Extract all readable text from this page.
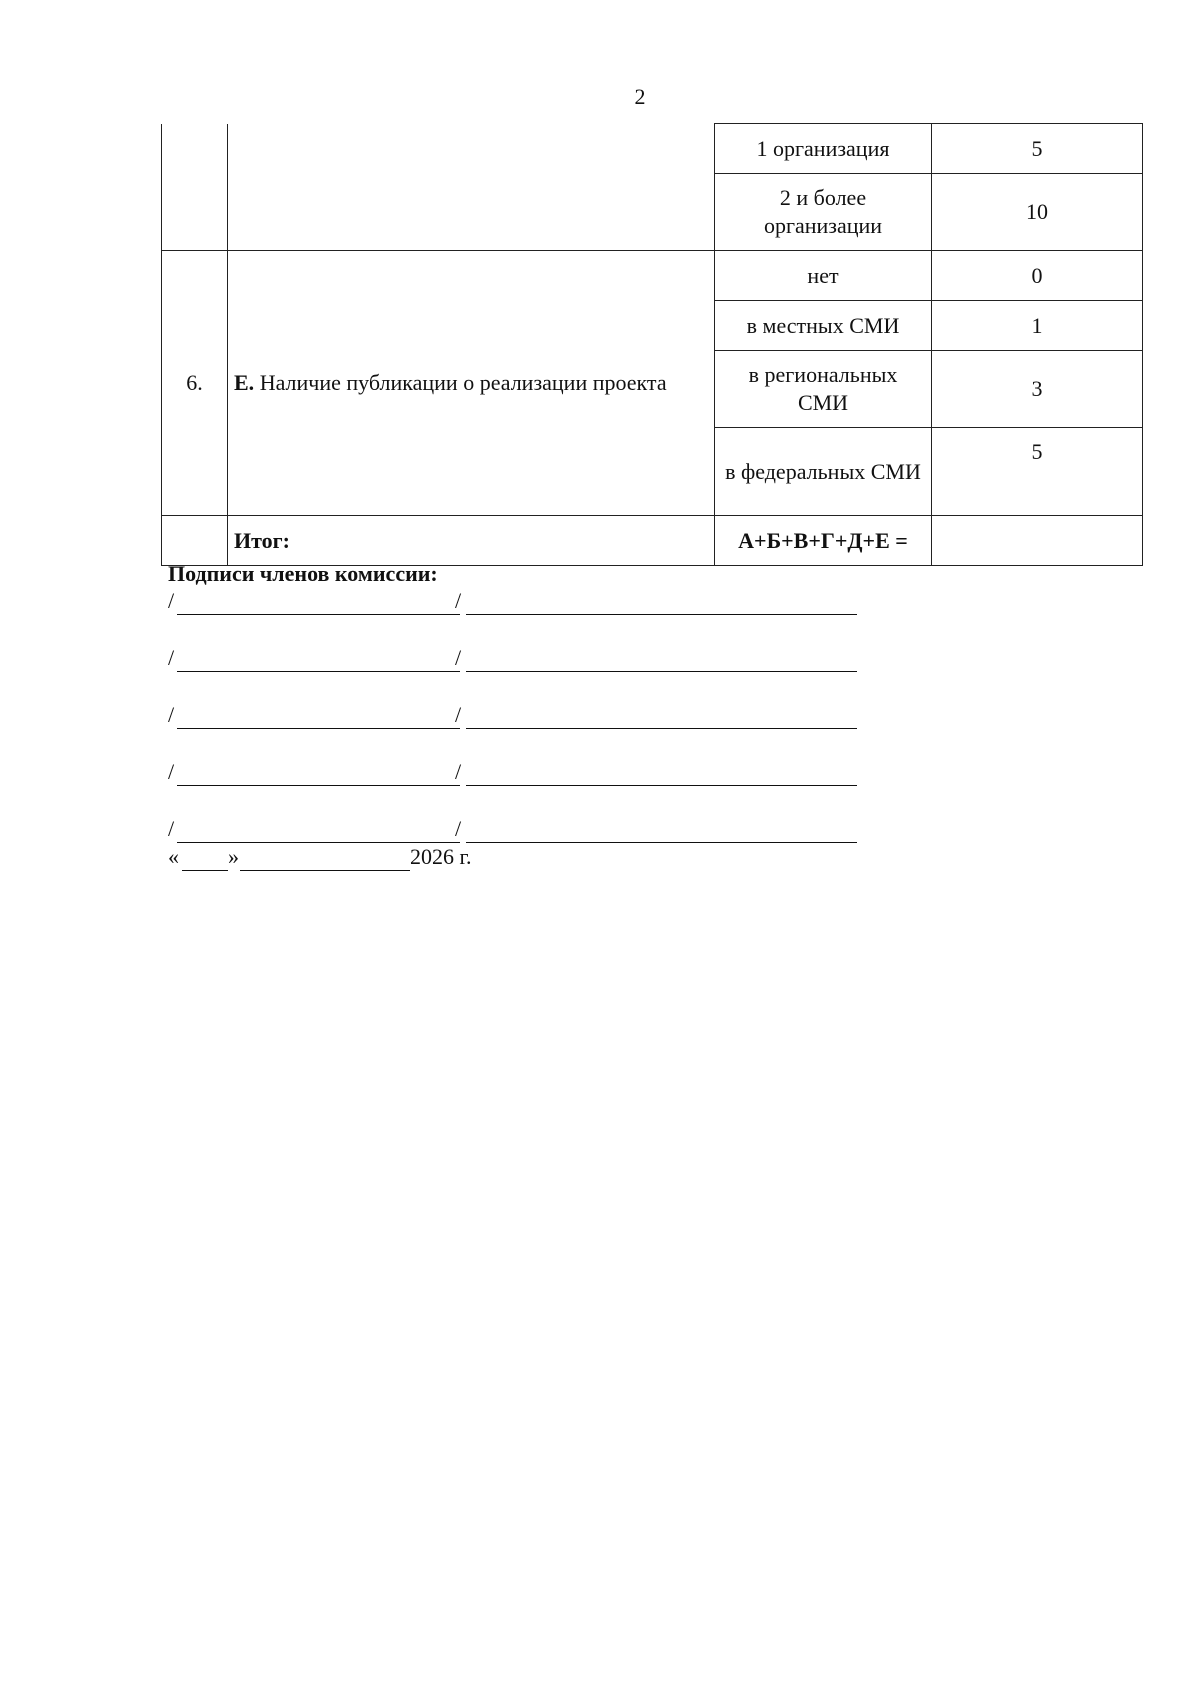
2
		1 организация	5
		2 и более организации	10
6.	Е. Наличие публикации о реализации проекта	нет	0
		в местных СМИ	1
		в региональных СМИ	3
		в федеральных СМИ	5
	Итог:	А+Б+В+Г+Д+Е =	
Подписи членов комиссии:
/	/
/	/
/	/
/	/
/	/
« »	2026 г.
